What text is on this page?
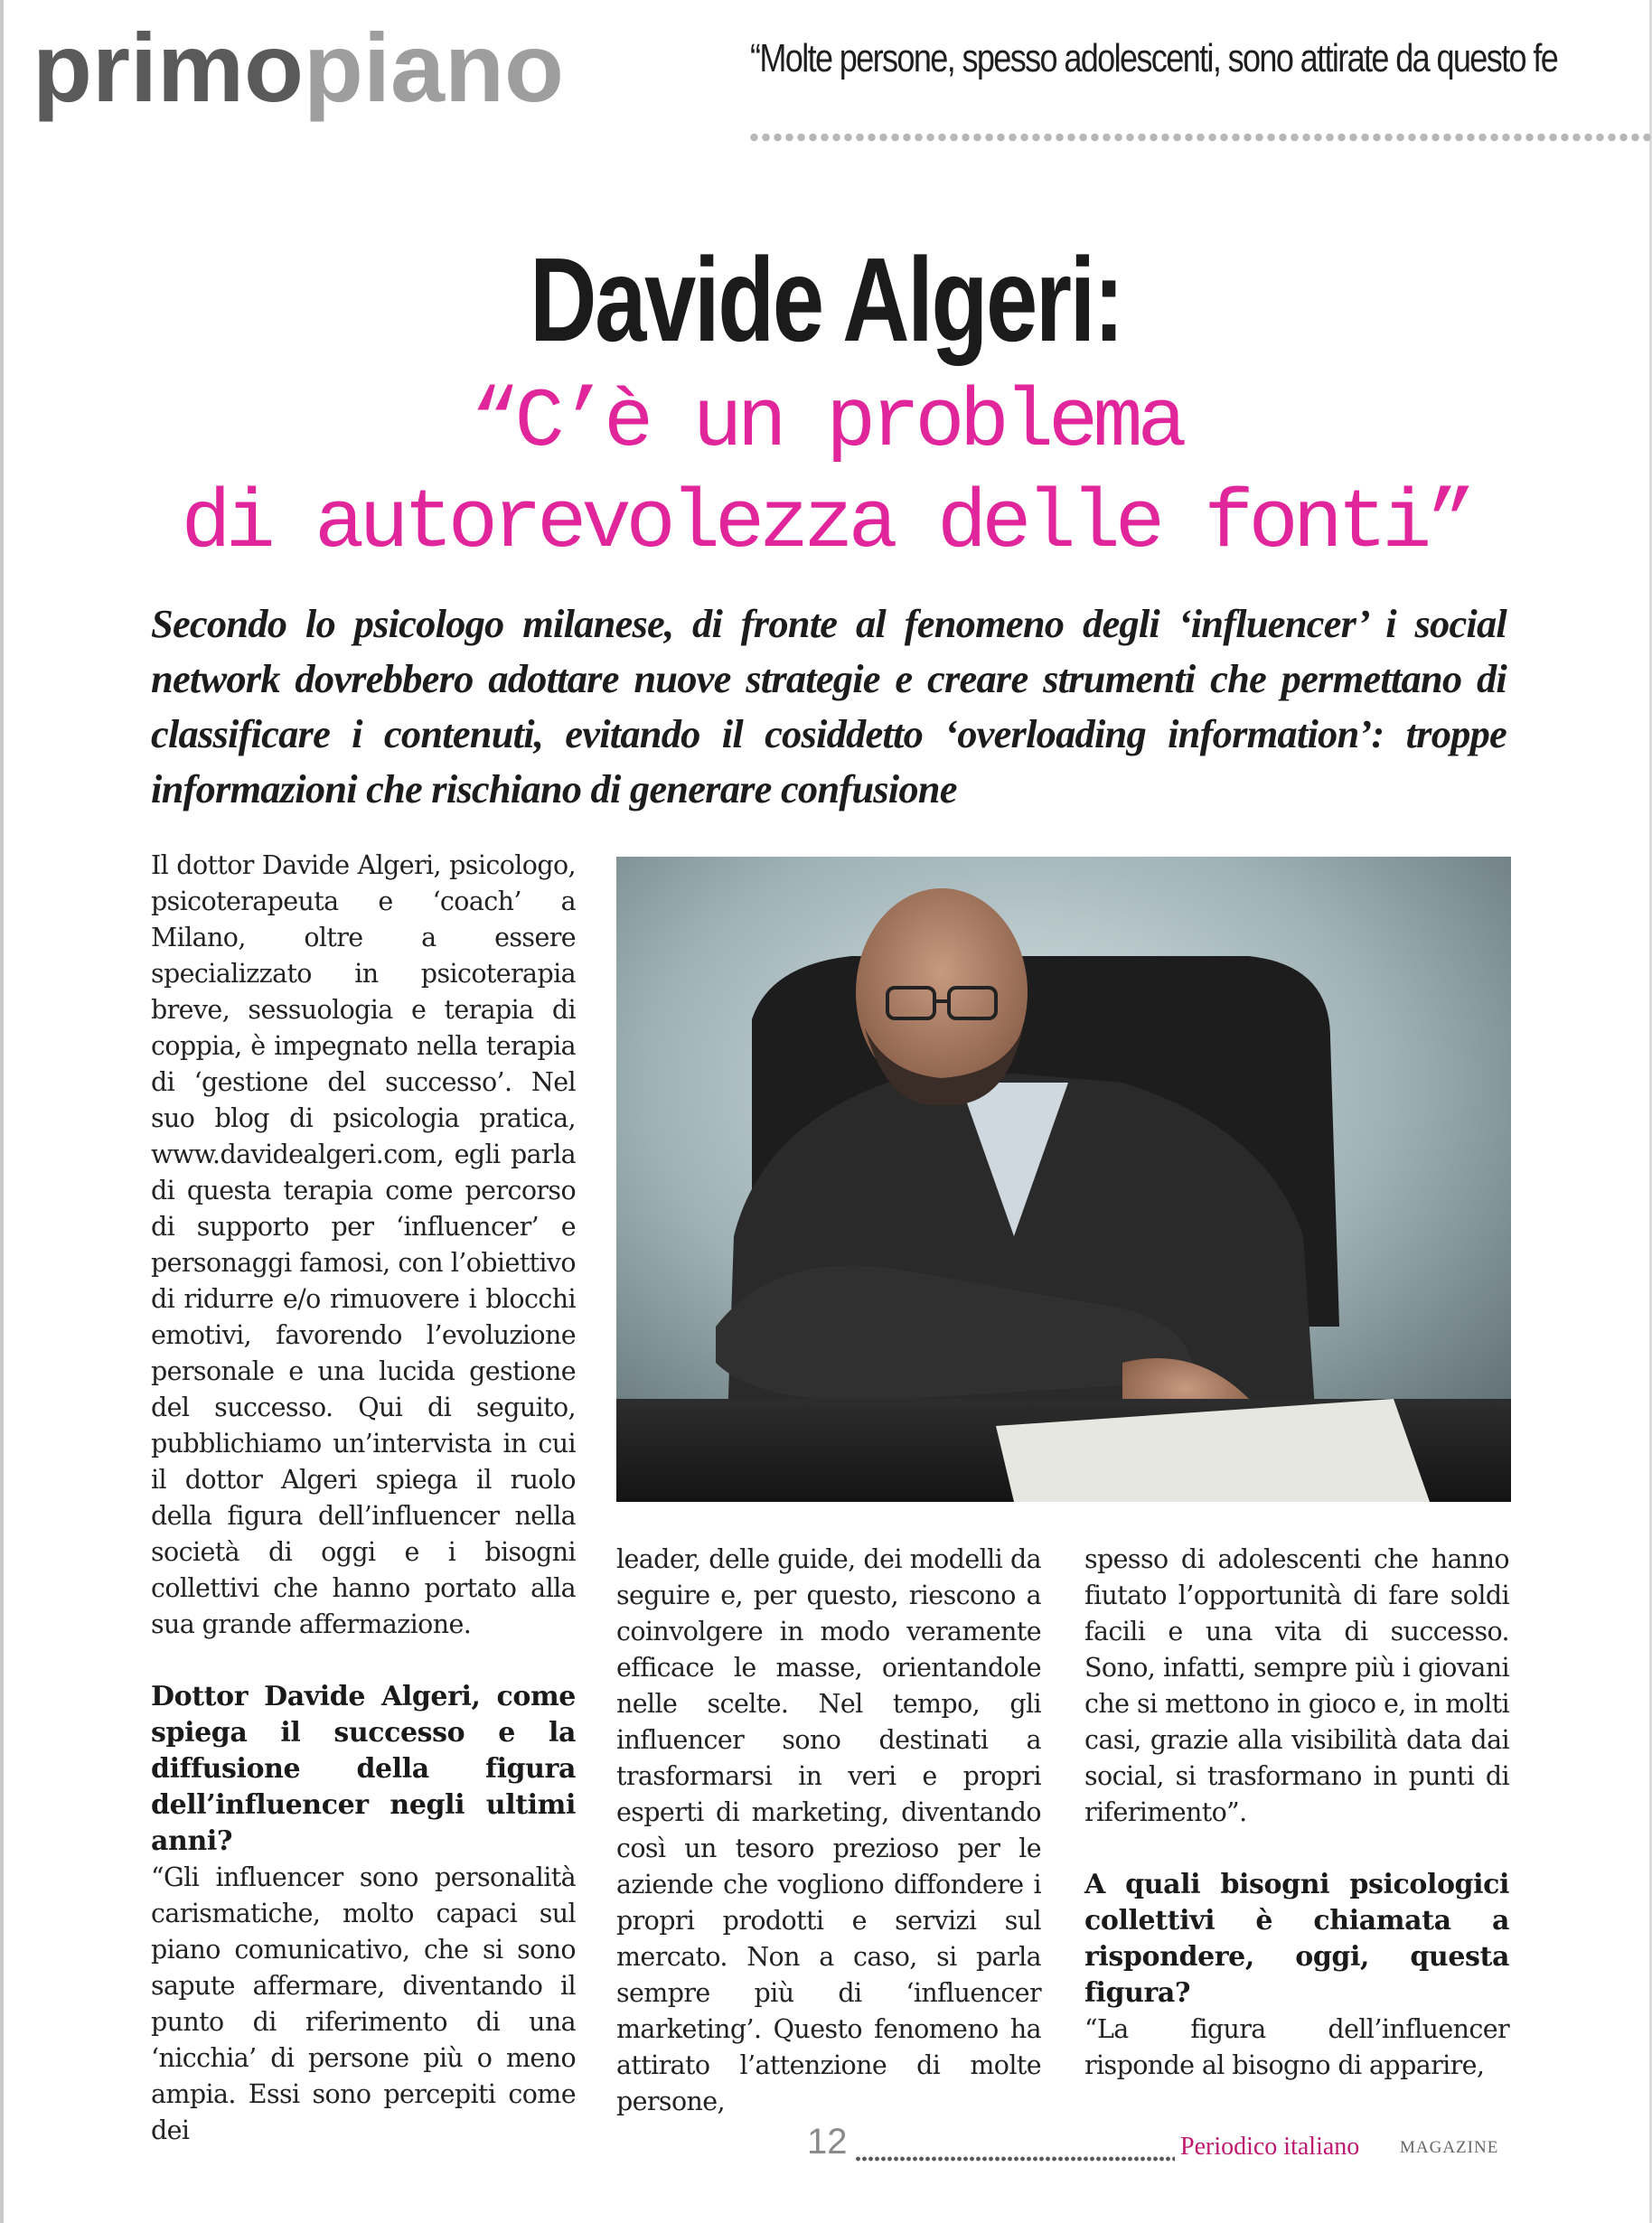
primopiano	“Molte persone, spesso adolescenti, sono attirate da questo fe
Davide Algeri:
“C’è un problema
di autorevolezza delle fonti”
Secondo lo psicologo milanese, di fronte al fenomeno degli ‘influencer’ i social network dovrebbero adottare nuove strategie e creare strumenti che permettano di classificare i contenuti, evitando il cosiddetto ‘overloading information’: troppe informazioni che rischiano di generare confusione

Il dottor Davide Algeri, psicologo, psicoterapeuta e ‘coach’ a Milano, oltre a essere specializzato in psicoterapia breve, sessuologia e terapia di coppia, è impegnato nella terapia di ‘gestione del successo’. Nel suo blog di psicologia pratica, www.davidealgeri.com, egli parla di questa terapia come percorso di supporto per ‘influencer’ e personaggi famosi, con l’obiettivo di ridurre e/o rimuovere i blocchi emotivi, favorendo l’evoluzione personale e una lucida gestione del successo. Qui di seguito, pubblichiamo un’intervista in cui il dottor Algeri spiega il ruolo della figura dell’influencer nella società di oggi e i bisogni collettivi che hanno portato alla sua grande affermazione.

Dottor Davide Algeri, come spiega il successo e la diffusione della figura dell’influencer negli ultimi anni?

“Gli influencer sono personalità carismatiche, molto capaci sul piano comunicativo, che si sono sapute affermare, diventando il punto di riferimento di una ‘nicchia’ di persone più o meno ampia. Essi sono percepiti come dei

leader, delle guide, dei modelli da seguire e, per questo, riescono a coinvolgere in modo veramente efficace le masse, orientandole nelle scelte. Nel tempo, gli influencer sono destinati a trasformarsi in veri e propri esperti di marketing, diventando così un tesoro prezioso per le aziende che vogliono diffondere i propri prodotti e servizi sul mercato. Non a caso, si parla sempre più di ‘influencer marketing’. Questo fenomeno ha attirato l’attenzione di molte persone,

spesso di adolescenti che hanno fiutato l’opportunità di fare soldi facili e una vita di successo. Sono, infatti, sempre più i giovani che si mettono in gioco e, in molti casi, grazie alla visibilità data dai social, si trasformano in punti di riferimento”.

A quali bisogni psicologici collettivi è chiamata a rispondere, oggi, questa figura?

“La figura dell’influencer risponde al bisogno di apparire,

12	Periodico italiano MAGAZINE
